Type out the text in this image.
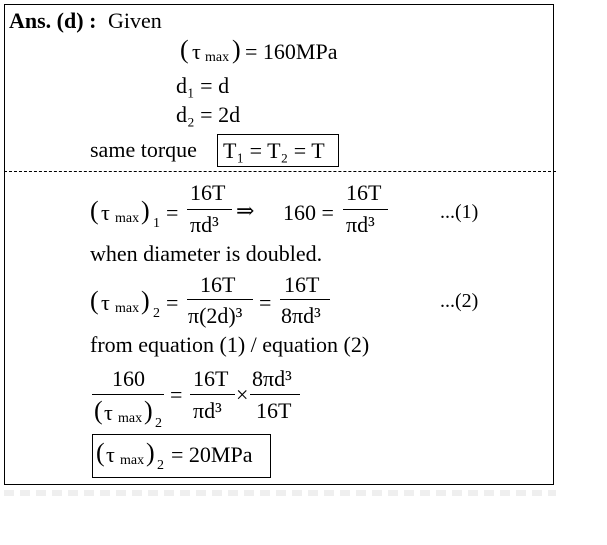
Ans. (d) : Given
( τ max ) = 160MPa
d₁ = d
d₂ = 2d
same torque T₁ = T₂ = T
( τ max ) 1 =
16T
πd³
⇒ 160 =
16T
πd³	...(1)
when diameter is doubled.
( τ max ) 2 =
16T
π(2d)³
=
16T
8πd³
...(2)
from equation (1) / equation (2)
160
( τ max ) 2
=
16T
πd³
×
8πd³
16T
( τ max ) 2 = 20MPa
